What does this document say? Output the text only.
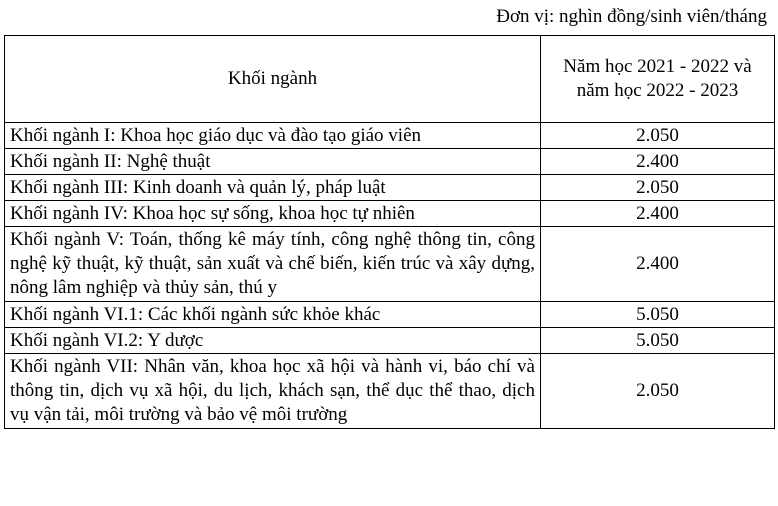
Đơn vị: nghìn đồng/sinh viên/tháng
Khối ngành	Năm học 2021 - 2022 và năm học 2022 - 2023
Khối ngành I: Khoa học giáo dục và đào tạo giáo viên	2.050
Khối ngành II: Nghệ thuật	2.400
Khối ngành III: Kinh doanh và quản lý, pháp luật	2.050
Khối ngành IV: Khoa học sự sống, khoa học tự nhiên	2.400
Khối ngành V: Toán, thống kê máy tính, công nghệ thông tin, công nghệ kỹ thuật, kỹ thuật, sản xuất và chế biến, kiến trúc và xây dựng, nông lâm nghiệp và thủy sản, thú y	2.400
Khối ngành VI.1: Các khối ngành sức khỏe khác	5.050
Khối ngành VI.2: Y dược	5.050
Khối ngành VII: Nhân văn, khoa học xã hội và hành vi, báo chí và thông tin, dịch vụ xã hội, du lịch, khách sạn, thể dục thể thao, dịch vụ vận tải, môi trường và bảo vệ môi trường	2.050
